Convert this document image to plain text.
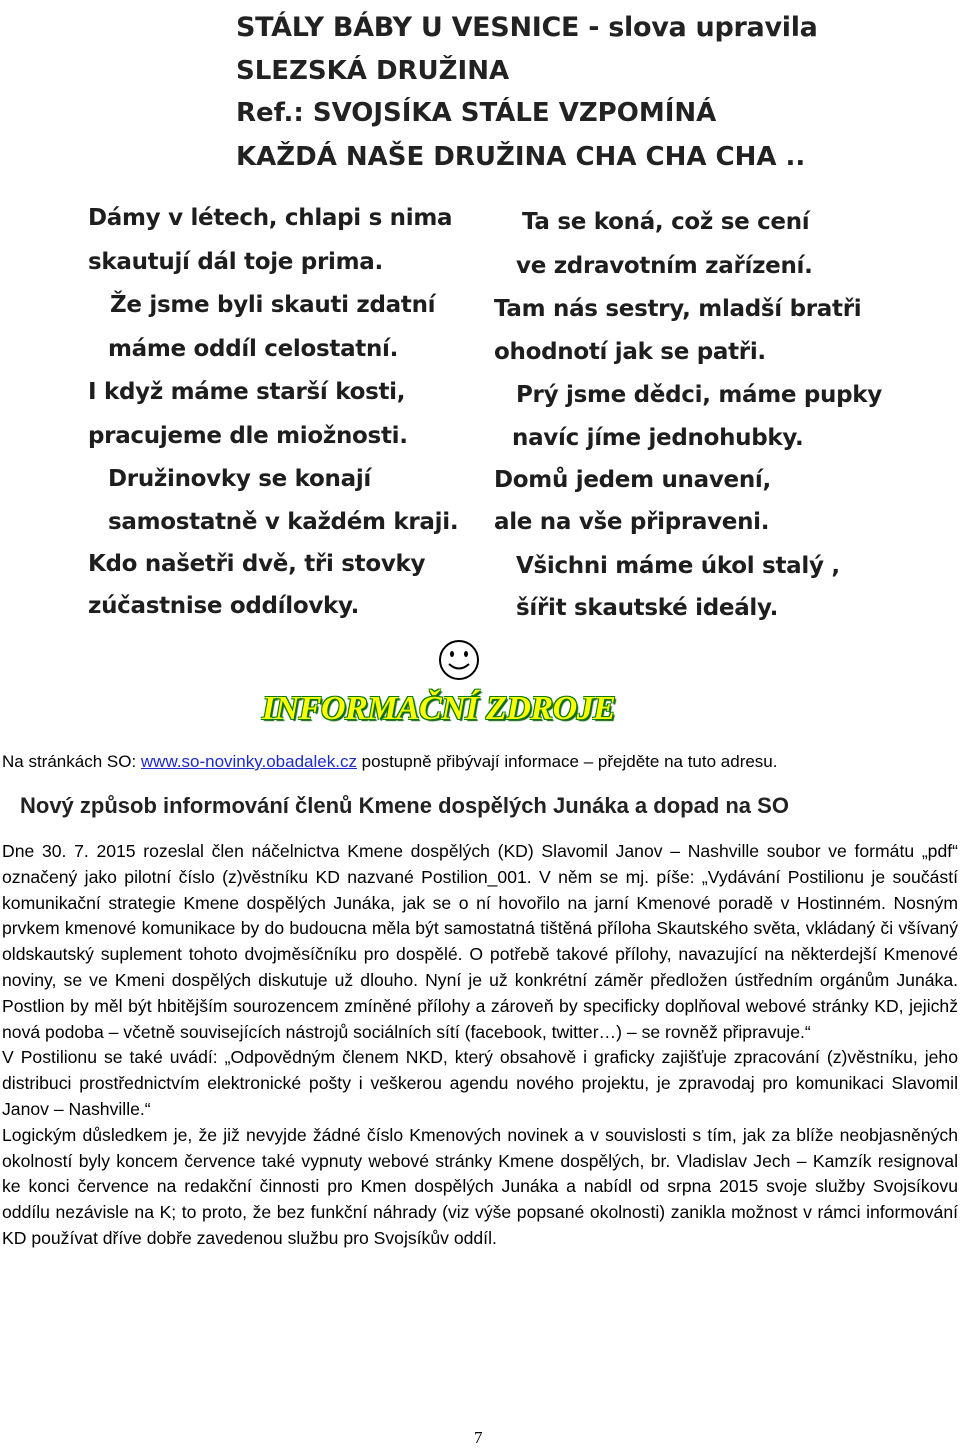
STÁLY BÁBY U VESNICE - slova upravila
SLEZSKÁ DRUŽINA
Ref.: SVOJSÍKA STÁLE VZPOMÍNÁ
KAŽDÁ NAŠE DRUŽINA CHA CHA CHA ..
Dámy v létech, chlapi s nima
skautují dál toje prima.
Že jsme byli skauti zdatní
máme oddíl celostatní.
I když máme starší kosti,
pracujeme dle miožnosti.
Družinovky se konají
samostatně v každém kraji.
Kdo našetři dvě, tři stovky
zúčastnise oddílovky.
Ta se koná, což se cení
ve zdravotním zařízení.
Tam nás sestry, mladší bratři
ohodnotí jak se patři.
Prý jsme dědci, máme pupky
navíc jíme jednohubky.
Domů jedem unavení,
ale na vše připraveni.
Všichni máme úkol stalý ,
šířit skautské ideály.
INFORMAČNÍ ZDROJE
Na stránkách SO: www.so-novinky.obadalek.cz postupně přibývají informace – přejděte na tuto adresu.
Nový způsob informování členů Kmene dospělých Junáka a dopad na SO

Dne 30. 7. 2015 rozeslal člen náčelnictva Kmene dospělých (KD) Slavomil Janov – Nashville soubor ve formátu „pdf“ označený jako pilotní číslo (z)věstníku KD nazvané Postilion_001. V něm se mj. píše: „Vydávání Postilionu je součástí komunikační strategie Kmene dospělých Junáka, jak se o ní hovořilo na jarní Kmenové poradě v Hostinném. Nosným prvkem kmenové komunikace by do budoucna měla být samostatná tištěná příloha Skautského světa, vkládaný či všívaný oldskautský suplement tohoto dvojměsíčníku pro dospělé. O potřebě takové přílohy, navazující na některdejší Kmenové noviny, se ve Kmeni dospělých diskutuje už dlouho. Nyní je už konkrétní záměr předložen ústředním orgánům Junáka. Postlion by měl být hbitějším sourozencem zmíněné přílohy a zároveň by specificky doplňoval webové stránky KD, jejichž nová podoba – včetně souvisejících nástrojů sociálních sítí (facebook, twitter…) – se rovněž připravuje.“

V Postilionu se také uvádí: „Odpovědným členem NKD, který obsahově i graficky zajišťuje zpracování (z)věstníku, jeho distribuci prostřednictvím elektronické pošty i veškerou agendu nového projektu, je zpravodaj pro komunikaci Slavomil Janov – Nashville.“

Logickým důsledkem je, že již nevyjde žádné číslo Kmenových novinek a v souvislosti s tím, jak za blíže neobjasněných okolností byly koncem července také vypnuty webové stránky Kmene dospělých, br. Vladislav Jech – Kamzík resignoval ke konci července na redakční činnosti pro Kmen dospělých Junáka a nabídl od srpna 2015 svoje služby Svojsíkovu oddílu nezávisle na K; to proto, že bez funkční náhrady (viz výše popsané okolnosti) zanikla možnost v rámci informování KD používat dříve dobře zavedenou službu pro Svojsíkův oddíl.

7
